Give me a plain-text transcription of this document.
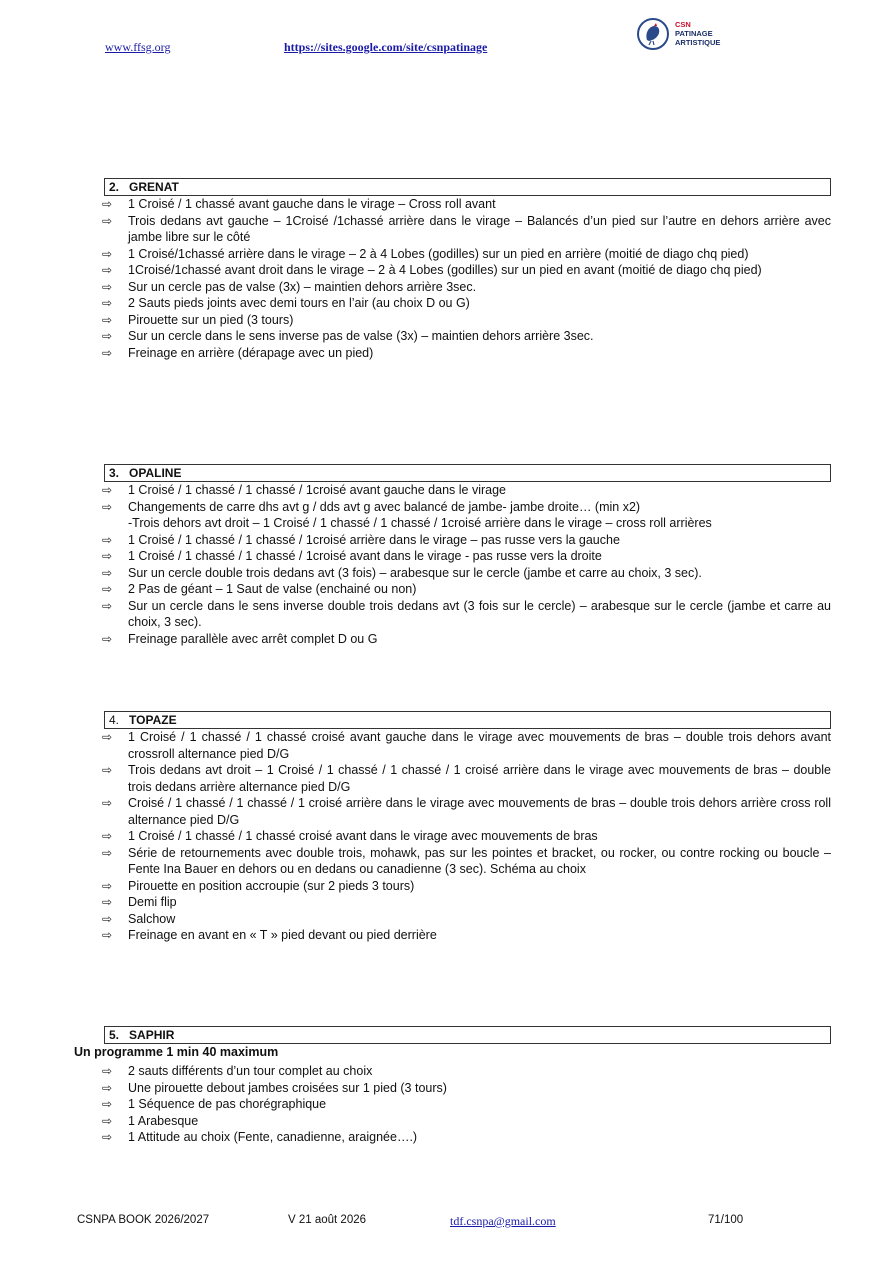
www.ffsg.org	https://sites.google.com/site/csnpatinage
CSN
PATINAGE
ARTISTIQUE
2. GRENAT
⇨ 1 Croisé / 1 chassé avant gauche dans le virage – Cross roll avant
⇨ Trois dedans avt gauche – 1Croisé /1chassé arrière dans le virage – Balancés d’un pied sur l’autre en dehors arrière avec jambe libre sur le côté
⇨ 1 Croisé/1chassé arrière dans le virage – 2 à 4 Lobes (godilles) sur un pied en arrière (moitié de diago chq pied)
⇨ 1Croisé/1chassé avant droit dans le virage – 2 à 4 Lobes (godilles) sur un pied en avant (moitié de diago chq pied)
⇨ Sur un cercle pas de valse (3x) – maintien dehors arrière 3sec.
⇨ 2 Sauts pieds joints avec demi tours en l’air (au choix D ou G)
⇨ Pirouette sur un pied (3 tours)
⇨ Sur un cercle dans le sens inverse pas de valse (3x) – maintien dehors arrière 3sec.
⇨ Freinage en arrière (dérapage avec un pied)
3. OPALINE
⇨ 1 Croisé / 1 chassé / 1 chassé / 1croisé avant gauche dans le virage
⇨ Changements de carre dhs avt g / dds avt g avec balancé de jambe- jambe droite… (min x2)
-Trois dehors avt droit – 1 Croisé / 1 chassé / 1 chassé / 1croisé arrière dans le virage – cross roll arrières
⇨ 1 Croisé / 1 chassé / 1 chassé / 1croisé arrière dans le virage – pas russe vers la gauche
⇨ 1 Croisé / 1 chassé / 1 chassé / 1croisé avant dans le virage - pas russe vers la droite
⇨ Sur un cercle double trois dedans avt (3 fois) – arabesque sur le cercle (jambe et carre au choix, 3 sec).
⇨ 2 Pas de géant – 1 Saut de valse (enchainé ou non)
⇨ Sur un cercle dans le sens inverse double trois dedans avt (3 fois sur le cercle) – arabesque sur le cercle (jambe et carre au choix, 3 sec).
⇨ Freinage parallèle avec arrêt complet D ou G
4. TOPAZE
⇨ 1 Croisé / 1 chassé / 1 chassé croisé avant gauche dans le virage avec mouvements de bras – double trois dehors avant crossroll alternance pied D/G
⇨ Trois dedans avt droit – 1 Croisé / 1 chassé / 1 chassé / 1 croisé arrière dans le virage avec mouvements de bras – double trois dedans arrière alternance pied D/G
⇨ Croisé / 1 chassé / 1 chassé / 1 croisé arrière dans le virage avec mouvements de bras – double trois dehors arrière cross roll alternance pied D/G
⇨ 1 Croisé / 1 chassé / 1 chassé croisé avant dans le virage avec mouvements de bras
⇨ Série de retournements avec double trois, mohawk, pas sur les pointes et bracket, ou rocker, ou contre rocking ou boucle – Fente Ina Bauer en dehors ou en dedans ou canadienne (3 sec). Schéma au choix
⇨ Pirouette en position accroupie (sur 2 pieds 3 tours)
⇨ Demi flip
⇨ Salchow
⇨ Freinage en avant en « T » pied devant ou pied derrière
5. SAPHIR
Un programme 1 min 40 maximum
⇨ 2 sauts différents d’un tour complet au choix
⇨ Une pirouette debout jambes croisées sur 1 pied (3 tours)
⇨ 1 Séquence de pas chorégraphique
⇨ 1 Arabesque
⇨ 1 Attitude au choix (Fente, canadienne, araignée….)
CSNPA BOOK 2026/2027	V 21 août 2026	tdf.csnpa@gmail.com	71/100
